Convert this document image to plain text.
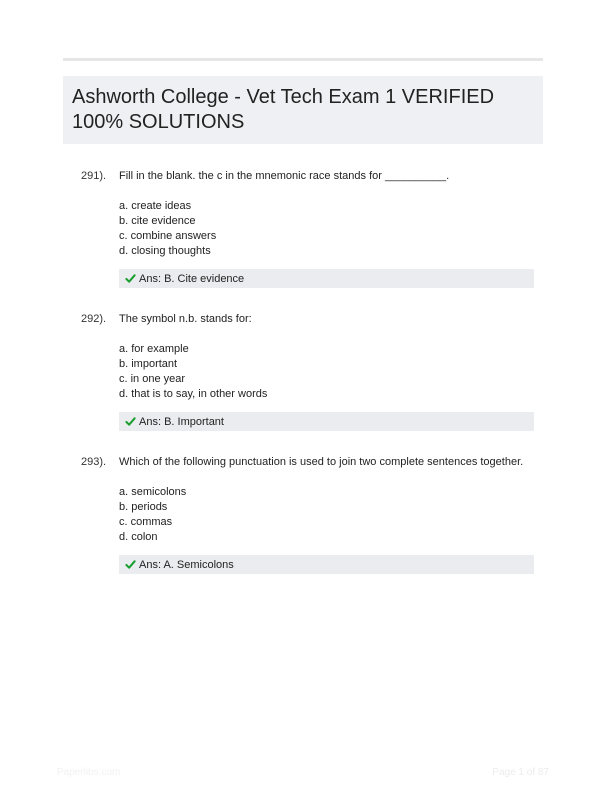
Ashworth College - Vet Tech Exam 1 VERIFIED 100% SOLUTIONS
291). Fill in the blank. the c in the mnemonic race stands for __________.
a. create ideas
b. cite evidence
c. combine answers
d. closing thoughts
Ans: B. Cite evidence
292). The symbol n.b. stands for:
a. for example
b. important
c. in one year
d. that is to say, in other words
Ans: B. Important
293). Which of the following punctuation is used to join two complete sentences together.
a. semicolons
b. periods
c. commas
d. colon
Ans: A. Semicolons
Paperlibs.com	Page 1 of 87
